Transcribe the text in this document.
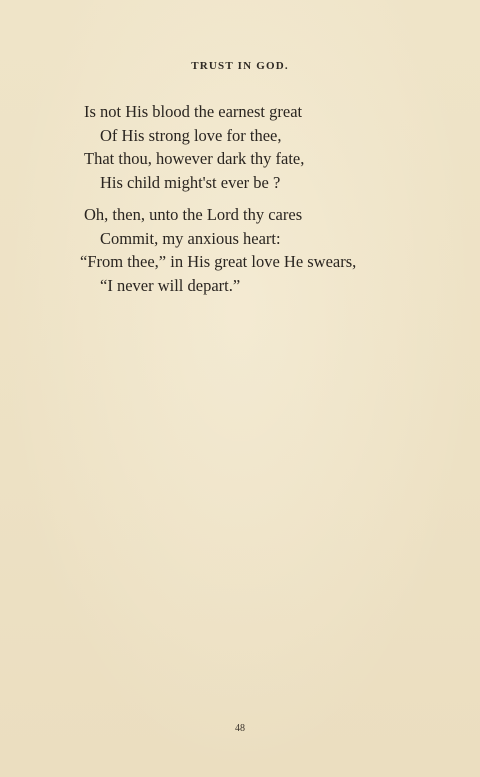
TRUST IN GOD.
Is not His blood the earnest great
Of His strong love for thee,
That thou, however dark thy fate,
His child might'st ever be ?
Oh, then, unto the Lord thy cares
Commit, my anxious heart:
“From thee,” in His great love He swears,
“I never will depart.”
48
